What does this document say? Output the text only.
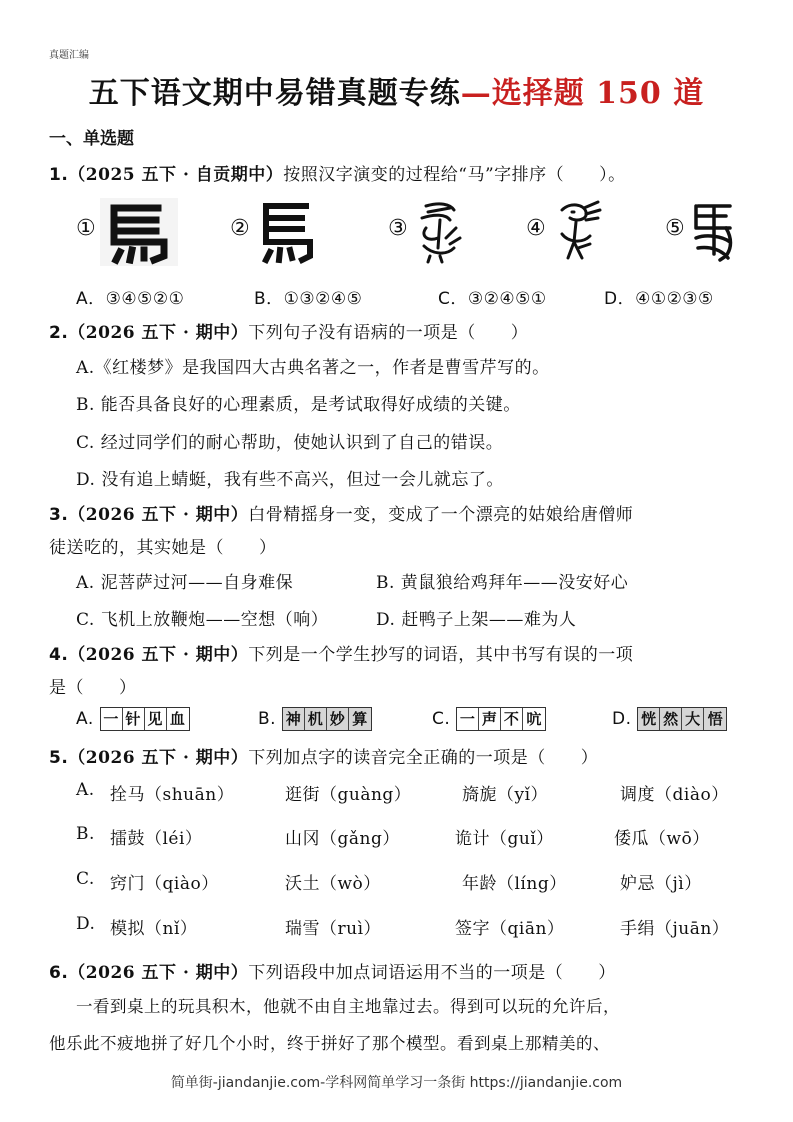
真题汇编
五下语文期中易错真题专练—选择题 150 道
一、单选题
1.（2025 五下 · 自贡期中）按照汉字演变的过程给“马”字排序（　　）。
①	②	③	④	⑤
A．③④⑤②①	B．①③②④⑤	C．③②④⑤①	D．④①②③⑤
2.（2026 五下 · 期中）下列句子没有语病的一项是（　　）
A.《红楼梦》是我国四大古典名著之一，作者是曹雪芹写的。
B. 能否具备良好的心理素质，是考试取得好成绩的关键。
C. 经过同学们的耐心帮助，使她认识到了自己的错误。
D. 没有追上蜻蜓，我有些不高兴，但过一会儿就忘了。
3.（2026 五下 · 期中）白骨精摇身一变，变成了一个漂亮的姑娘给唐僧师
徒送吃的，其实她是（　　）
A. 泥菩萨过河——自身难保	B. 黄鼠狼给鸡拜年——没安好心
C. 飞机上放鞭炮——空想（响）	D. 赶鸭子上架——难为人
4.（2026 五下 · 期中）下列是一个学生抄写的词语，其中书写有误的一项
是（　　）
A. 一 针 见 血	B. 神 机 妙 算	C. 一 声 不 吭	D. 恍 然 大 悟
5.（2026 五下 · 期中）下列加点字的读音完全正确的一项是（　　）
A. 拴马（shuān）	逛街（guàng）	旖旎（yǐ）	调度（diào）
B. 擂鼓（léi）	山冈（gǎng）	诡计（guǐ）	倭瓜（wō）
C. 窍门（qiào）	沃土（wò）	年龄（líng）	妒忌（jì）
D. 模拟（nǐ）	瑞雪（ruì）	签字（qiān）	手绢（juān）
6.（2026 五下 · 期中）下列语段中加点词语运用不当的一项是（　　）
一看到桌上的玩具积木，他就不由自主地靠过去。得到可以玩的允许后，
他乐此不疲地拼了好几个小时，终于拼好了那个模型。看到桌上那精美的、
简单街-jiandanjie.com-学科网简单学习一条街 https://jiandanjie.com
